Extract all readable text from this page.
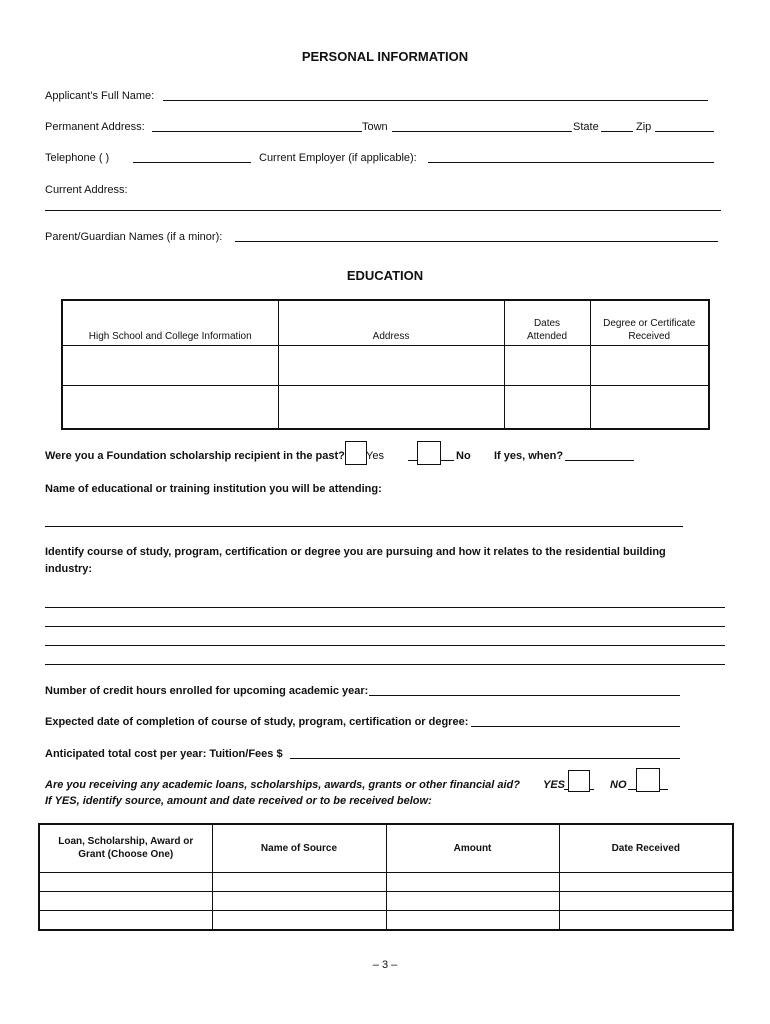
PERSONAL INFORMATION
Applicant’s Full Name:
Permanent Address:	Town	State	Zip
Telephone ( )	Current Employer (if applicable):
Current Address:
Parent/Guardian Names (if a minor):
EDUCATION
High School and College Information	Address	Dates Attended	Degree or Certificate Received

Were you a Foundation scholarship recipient in the past? Yes	No If yes, when?
Name of educational or training institution you will be attending:
Identify course of study, program, certification or degree you are pursuing and how it relates to the residential building
industry:
Number of credit hours enrolled for upcoming academic year:
Expected date of completion of course of study, program, certification or degree:
Anticipated total cost per year: Tuition/Fees $
Are you receiving any academic loans, scholarships, awards, grants or other financial aid? YES	NO
If YES, identify source, amount and date received or to be received below:
Loan, Scholarship, Award or Grant (Choose One)	Name of Source	Amount	Date Received

– 3 –
